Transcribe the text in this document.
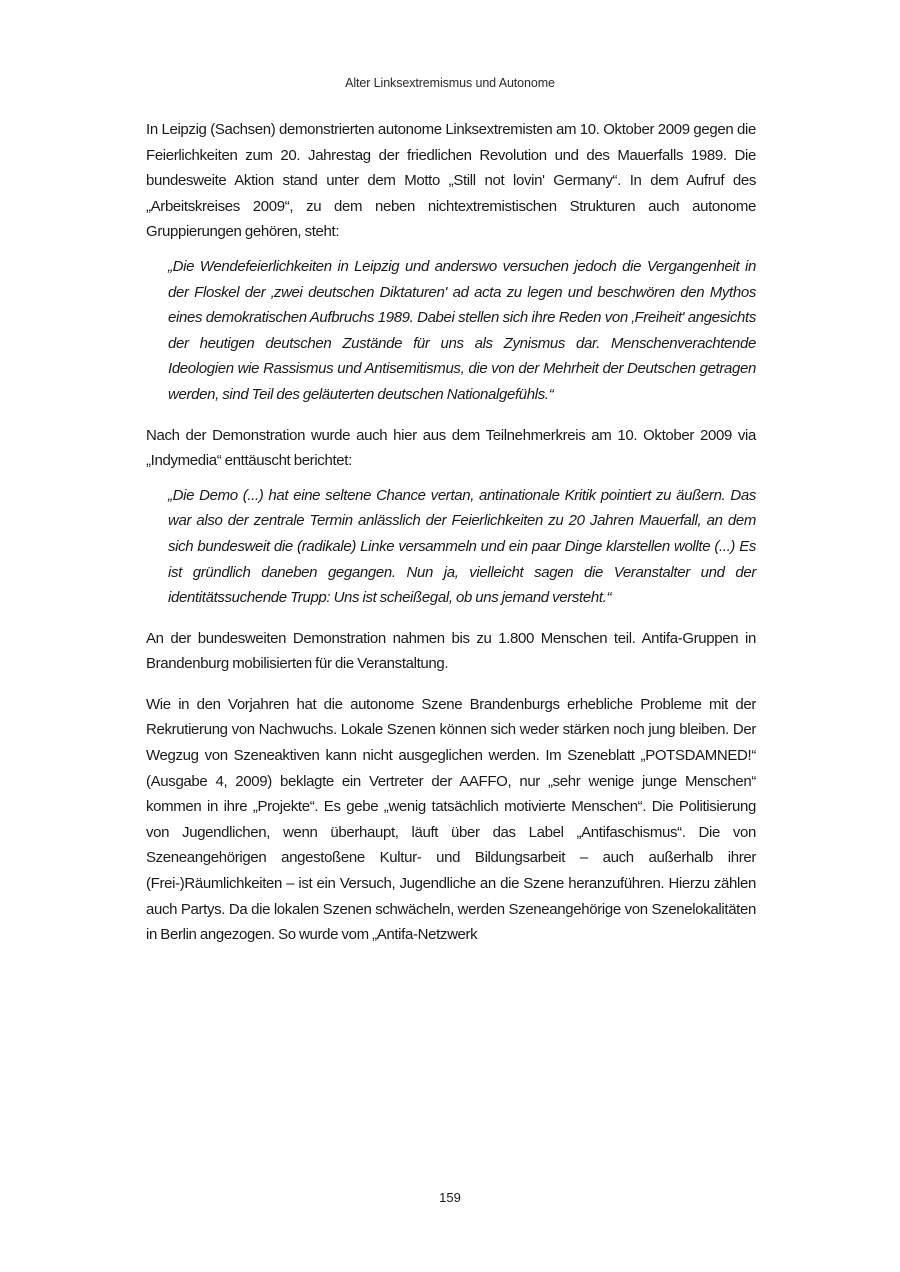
Alter Linksextremismus und Autonome

In Leipzig (Sachsen) demonstrierten autonome Linksextremisten am 10. Oktober 2009 gegen die Feierlichkeiten zum 20. Jahrestag der friedlichen Revolution und des Mauerfalls 1989. Die bundesweite Aktion stand unter dem Motto „Still not lovin' Germany“. In dem Aufruf des „Arbeitskreises 2009“, zu dem neben nichtextremistischen Strukturen auch autonome Gruppierungen gehören, steht:

„Die Wendefeierlichkeiten in Leipzig und anderswo versuchen jedoch die Vergangenheit in der Floskel der ‚zwei deutschen Diktaturen' ad acta zu legen und beschwören den Mythos eines demokratischen Aufbruchs 1989. Dabei stellen sich ihre Reden von ‚Freiheit' angesichts der heutigen deutschen Zustände für uns als Zynismus dar. Menschenverachtende Ideologien wie Rassismus und Antisemitismus, die von der Mehrheit der Deutschen getragen werden, sind Teil des geläuterten deutschen Nationalgefühls.“

Nach der Demonstration wurde auch hier aus dem Teilnehmerkreis am 10. Oktober 2009 via „Indymedia“ enttäuscht berichtet:

„Die Demo (...) hat eine seltene Chance vertan, antinationale Kritik pointiert zu äußern. Das war also der zentrale Termin anlässlich der Feierlichkeiten zu 20 Jahren Mauerfall, an dem sich bundesweit die (radikale) Linke versammeln und ein paar Dinge klarstellen wollte (...) Es ist gründlich daneben gegangen. Nun ja, vielleicht sagen die Veranstalter und der identitätssuchende Trupp: Uns ist scheißegal, ob uns jemand versteht.“

An der bundesweiten Demonstration nahmen bis zu 1.800 Menschen teil. Antifa-Gruppen in Brandenburg mobilisierten für die Veranstaltung.

Wie in den Vorjahren hat die autonome Szene Brandenburgs erhebliche Probleme mit der Rekrutierung von Nachwuchs. Lokale Szenen können sich weder stärken noch jung bleiben. Der Wegzug von Szeneaktiven kann nicht ausgeglichen werden. Im Szeneblatt „POTSDAMNED!“ (Ausgabe 4, 2009) beklagte ein Vertreter der AAFFO, nur „sehr wenige junge Menschen“ kommen in ihre „Projekte“. Es gebe „wenig tatsächlich motivierte Menschen“. Die Politisierung von Jugendlichen, wenn überhaupt, läuft über das Label „Antifaschismus“. Die von Szeneangehörigen angestoßene Kultur- und Bildungsarbeit – auch außerhalb ihrer (Frei-)Räumlichkeiten – ist ein Versuch, Jugendliche an die Szene heranzuführen. Hierzu zählen auch Partys. Da die lokalen Szenen schwächeln, werden Szeneangehörige von Szenelokalitäten in Berlin angezogen. So wurde vom „Antifa-Netzwerk

159
